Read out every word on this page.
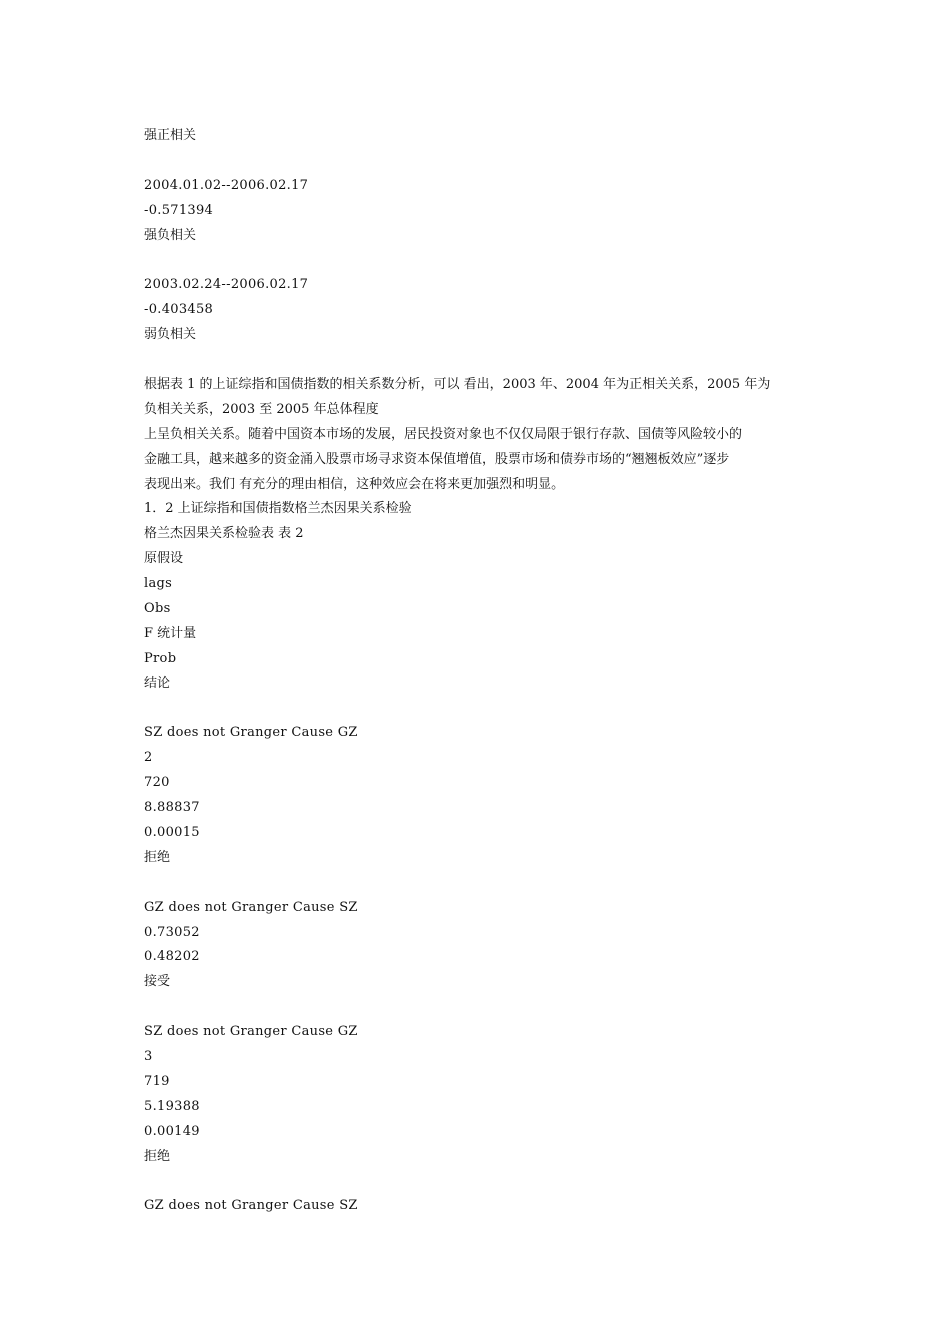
强正相关
2004.01.02--2006.02.17
-0.571394
强负相关
2003.02.24--2006.02.17
-0.403458
弱负相关

根据表 1 的上证综指和国债指数的相关系数分析，可以 看出，2003 年、2004 年为正相关关系，2005 年为
负相关关系，2003 至 2005 年总体程度
上呈负相关关系。随着中国资本市场的发展，居民投资对象也不仅仅局限于银行存款、国债等风险较小的
金融工具，越来越多的资金涌入股票市场寻求资本保值增值，股票市场和债券市场的“翘翘板效应”逐步
表现出来。我们 有充分的理由相信，这种效应会在将来更加强烈和明显。

1．2 上证综指和国债指数格兰杰因果关系检验
格兰杰因果关系检验表 表 2
原假设
lags
Obs
F 统计量
Prob
结论
SZ does not Granger Cause GZ
2
720
8.88837
0.00015
拒绝
GZ does not Granger Cause SZ
0.73052
0.48202
接受
SZ does not Granger Cause GZ
3
719
5.19388
0.00149
拒绝
GZ does not Granger Cause SZ
